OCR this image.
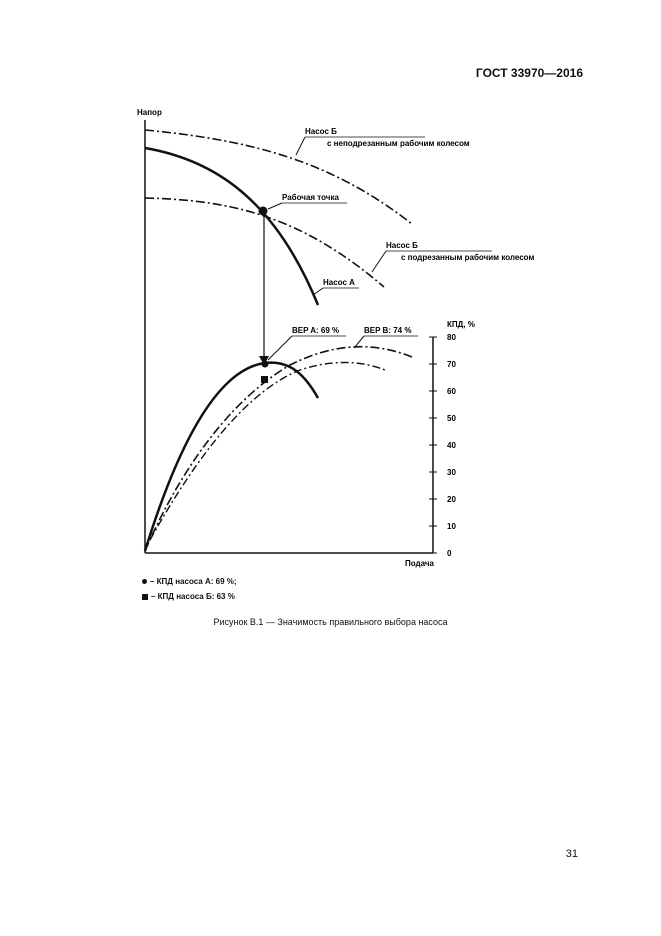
ГОСТ 33970—2016
0
10
20
30
40
50
60
70
80
Напор
Подача
КПД, %
Насос Б
с неподрезанным рабочим колесом
Насос Б
с подрезанным рабочим колесом
Рабочая точка
Насос А
BEP A: 69 %	BEP B: 74 %
– КПД насоса А: 69 %;
– КПД насоса Б: 63 %
Рисунок В.1 — Значимость правильного выбора насоса
31
